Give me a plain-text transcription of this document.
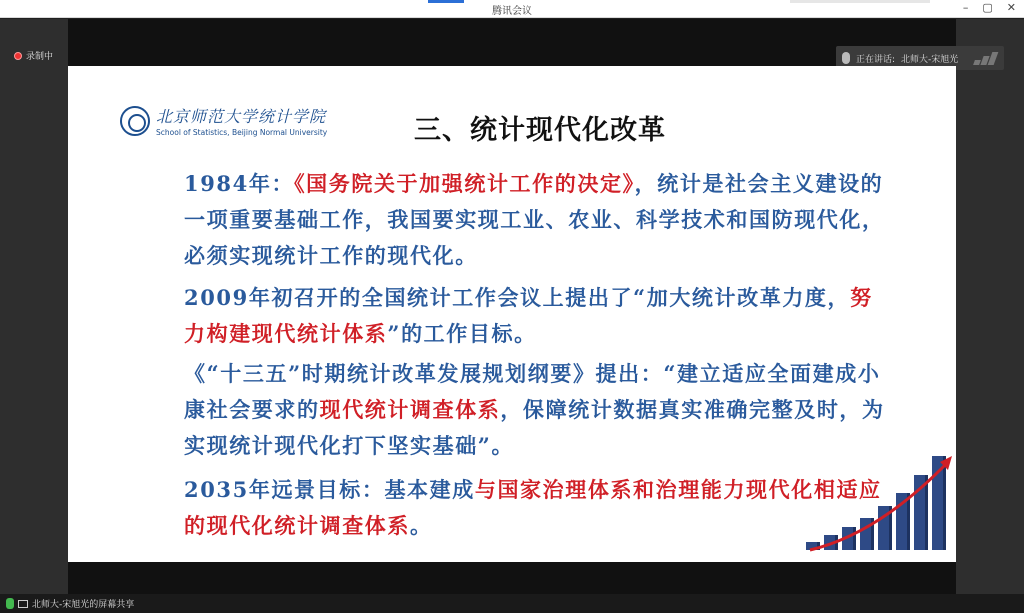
腾讯会议	– ▢ ✕
录制中	正在讲话: 北师大-宋旭光
北京师范大学统计学院
School of Statistics, Beijing Normal University	三、统计现代化改革
1984年：《国务院关于加强统计工作的决定》，统计是社会主义建设的一项重要基础工作，我国要实现工业、农业、科学技术和国防现代化，必须实现统计工作的现代化。
2009年初召开的全国统计工作会议上提出了“加大统计改革力度，努力构建现代统计体系”的工作目标。
《“十三五”时期统计改革发展规划纲要》提出：“建立适应全面建成小康社会要求的现代统计调查体系，保障统计数据真实准确完整及时，为实现统计现代化打下坚实基础”。
2035年远景目标：基本建成与国家治理体系和治理能力现代化相适应的现代化统计调查体系。
北师大-宋旭光的屏幕共享
